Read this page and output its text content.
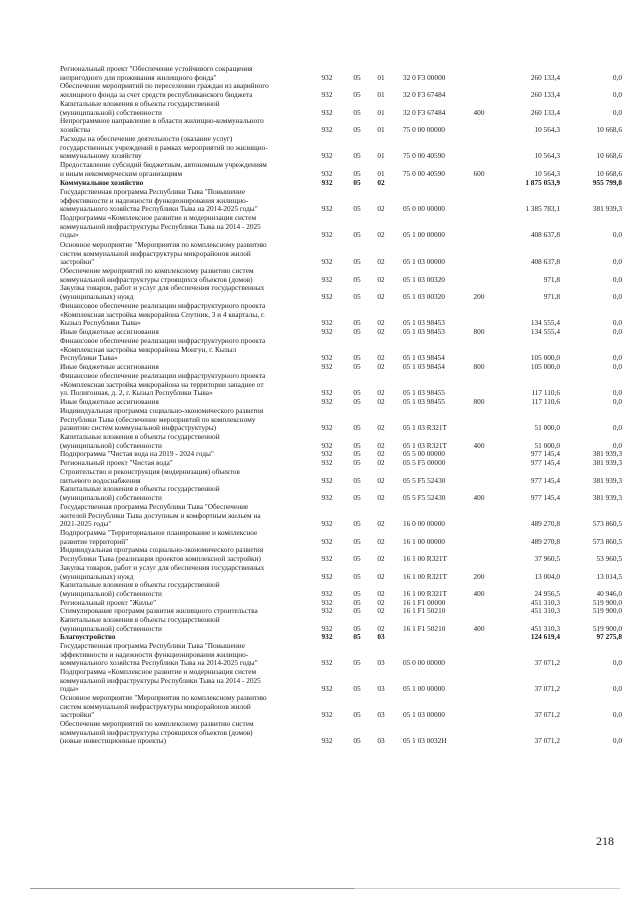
Региональный проект "Обеспечение устойчивого сокращения
непригодного для проживания жилищного фонда"	932	05	01	32 0 F3 00000	260 133,4	0,0
Обеспечение мероприятий по переселению граждан из аварийного
жилищного фонда за счет средств республиканского бюджета	932	05	01	32 0 F3 67484	260 133,4	0,0
Капитальные вложения в объекты государственной
(муниципальной) собственности	932	05	01	32 0 F3 67484	400	260 133,4	0,0
Непрограммное направление в области жилищно-коммунального
хозяйства	932	05	01	75 0 00 00000	10 564,3	10 668,6
Расходы на обеспечение деятельности (оказание услуг)
государственных учреждений в рамках мероприятий по жилищно-
коммунальному хозяйству	932	05	01	75 0 00 40590	10 564,3	10 668,6
Предоставление субсидий бюджетным, автономным учреждениям
и иным некоммерческим организациям	932	05	01	75 0 00 40590	600	10 564,3	10 668,6
Коммунальное хозяйство	932	05	02	1 875 053,9	955 799,8
Государственная программа Республики Тыва "Повышение
эффективности и надежности функционирования жилищно-
коммунального хозяйства Республики Тыва на 2014-2025 годы"	932	05	02	05 0 00 00000	1 385 783,1	381 939,3
Подпрограмма «Комплексное развитие и модернизация систем
коммунальной инфраструктуры Республики Тыва на 2014 - 2025
годы»	932	05	02	05 1 00 00000	408 637,8	0,0
Основное мероприятие "Мероприятия по комплексному развитию
систем коммунальной инфраструктуры микрорайонов жилой
застройки"	932	05	02	05 1 03 00000	408 637,8	0,0
Обеспечение мероприятий по комплексному развитию систем
коммунальной инфраструктуры строящихся объектов (домов)	932	05	02	05 1 03 00320	971,8	0,0
Закупка товаров, работ и услуг для обеспечения государственных
(муниципальных) нужд	932	05	02	05 1 03 00320	200	971,8	0,0
Финансовое обеспечение реализации инфраструктурного проекта
«Комплексная застройка микрорайона Спутник, 3 и 4 кварталы, г.
Кызыл Республики Тыва»	932	05	02	05 1 03 98453	134 555,4	0,0
Иные бюджетные ассигнования	932	05	02	05 1 03 98453	800	134 555,4	0,0
Финансовое обеспечение реализации инфраструктурного проекта
«Комплексная застройка микрорайона Монгун, г. Кызыл
Республики Тыва»	932	05	02	05 1 03 98454	105 000,0	0,0
Иные бюджетные ассигнования	932	05	02	05 1 03 98454	800	105 000,0	0,0
Финансовое обеспечение реализации инфраструктурного проекта
«Комплексная застройка микрорайона на территории западнее от
ул. Полигонная, д. 2, г. Кызыл Республики Тыва»	932	05	02	05 1 03 98455	117 110,6	0,0
Иные бюджетные ассигнования	932	05	02	05 1 03 98455	800	117 110,6	0,0
Индивидуальная программа социально-экономического развития
Республики Тыва (обеспечение мероприятий по комплексному
развитию систем коммунальной инфраструктуры)	932	05	02	05 1 03 R321T	51 000,0	0,0
Капитальные вложения в объекты государственной
(муниципальной) собственности	932	05	02	05 1 03 R321T	400	51 000,0	0,0
Подпрограмма "Чистая вода на 2019 - 2024 годы"	932	05	02	05 5 00 00000	977 145,4	381 939,3
Региональный проект "Чистая вода"	932	05	02	05 5 F5 00000	977 145,4	381 939,3
Строительство и реконструкция (модернизация) объектов
питьевого водоснабжения	932	05	02	05 5 F5 52430	977 145,4	381 939,3
Капитальные вложения в объекты государственной
(муниципальной) собственности	932	05	02	05 5 F5 52430	400	977 145,4	381 939,3
Государственная программа Республики Тыва "Обеспечение
жителей Республики Тыва доступным и комфортным жильем на
2021-2025 годы"	932	05	02	16 0 00 00000	489 270,8	573 860,5
Подпрограмма "Территориальное планирование и комплексное
развитие территорий"	932	05	02	16 1 00 00000	489 270,8	573 860,5
Индивидуальная программа социально-экономического развития
Республики Тыва (реализация проектов комплексной застройки)	932	05	02	16 1 00 R321T	37 960,5	53 960,5
Закупка товаров, работ и услуг для обеспечения государственных
(муниципальных) нужд	932	05	02	16 1 00 R321T	200	13 004,0	13 014,5
Капитальные вложения в объекты государственной
(муниципальной) собственности	932	05	02	16 1 00 R321T	400	24 956,5	40 946,0
Региональный проект "Жилье"	932	05	02	16 1 F1 00000	451 310,3	519 900,0
Стимулирование программ развития жилищного строительства	932	05	02	16 1 F1 50210	451 310,3	519 900,0
Капитальные вложения в объекты государственной
(муниципальной) собственности	932	05	02	16 1 F1 50210	400	451 310,3	519 900,0
Благоустройство	932	05	03	124 619,4	97 275,8
Государственная программа Республики Тыва "Повышение
эффективности и надежности функционирования жилищно-
коммунального хозяйства Республики Тыва на 2014-2025 годы"	932	05	03	05 0 00 00000	37 071,2	0,0
Подпрограмма «Комплексное развитие и модернизация систем
коммунальной инфраструктуры Республики Тыва на 2014 - 2025
годы»	932	05	03	05 1 00 00000	37 071,2	0,0
Основное мероприятие "Мероприятия по комплексному развитию
систем коммунальной инфраструктуры микрорайонов жилой
застройки"	932	05	03	05 1 03 00000	37 071,2	0,0
Обеспечение мероприятий по комплексному развитию систем
коммунальной инфраструктуры строящихся объектов (домов)
(новые инвестиционные проекты)	932	05	03	05 1 03 0032H	37 071,2	0,0
218
